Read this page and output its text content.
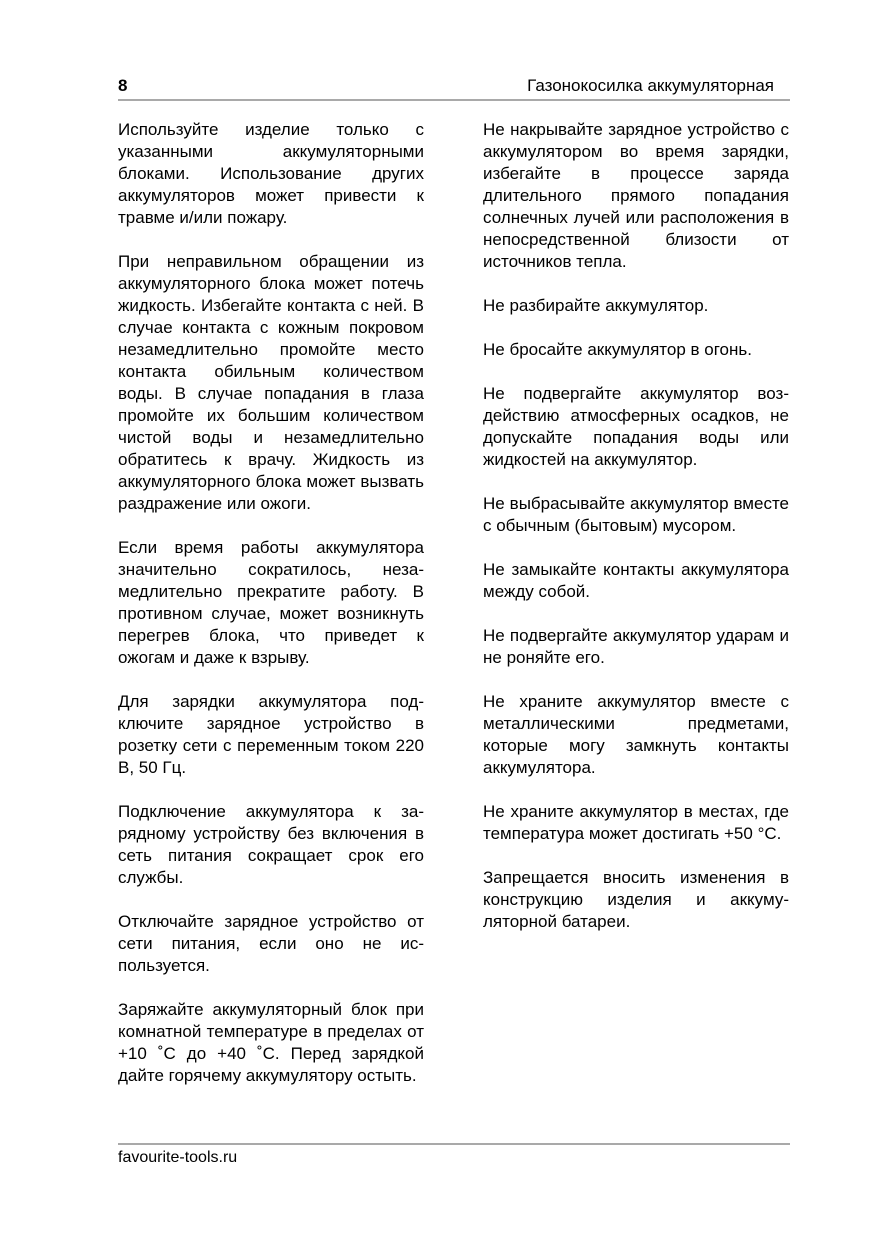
8	Газонокосилка аккумуляторная

Используйте изделие только с указанными аккумуляторными блоками. Использование других аккумуляторов может привести к травме и/или пожару.

При неправильном обращении из аккумуляторного блока может потечь жидкость. Избегайте контакта с ней. В случае контакта с кожным покровом незамедлительно промойте место контакта обильным количеством воды. В случае попадания в глаза промойте их большим количеством чистой воды и незамедлительно обратитесь к врачу. Жидкость из аккумуляторного блока может вызвать раздражение или ожоги.

Если время работы аккумулятора значительно сократилось, незамедлительно прекратите работу. В противном случае, может возникнуть перегрев блока, что приведет к ожогам и даже к взрыву.

Для зарядки аккумулятора подключите зарядное устройство в розетку сети с переменным током 220 В, 50 Гц.

Подключение аккумулятора к зарядному устройству без включения в сеть питания сокращает срок его службы.

Отключайте зарядное устройство от сети питания, если оно не используется.

Заряжайте аккумуляторный блок при комнатной температуре в пределах от +10 ˚С до +40 ˚С. Перед зарядкой дайте горячему аккумулятору остыть.

Не накрывайте зарядное устройство с аккумулятором во время зарядки, избегайте в процессе заряда длительного прямого попадания солнечных лучей или расположения в непосредственной близости от источников тепла.

Не разбирайте аккумулятор.

Не бросайте аккумулятор в огонь.

Не подвергайте аккумулятор воздействию атмосферных осадков, не допускайте попадания воды или жидкостей на аккумулятор.

Не выбрасывайте аккумулятор вместе с обычным (бытовым) мусором.

Не замыкайте контакты аккумулятора между собой.

Не подвергайте аккумулятор ударам и не роняйте его.

Не храните аккумулятор вместе с металлическими предметами, которые могу замкнуть контакты аккумулятора.

Не храните аккумулятор в местах, где температура может достигать +50 °С.

Запрещается вносить изменения в конструкцию изделия и аккумуляторной батареи.

favourite-tools.ru
